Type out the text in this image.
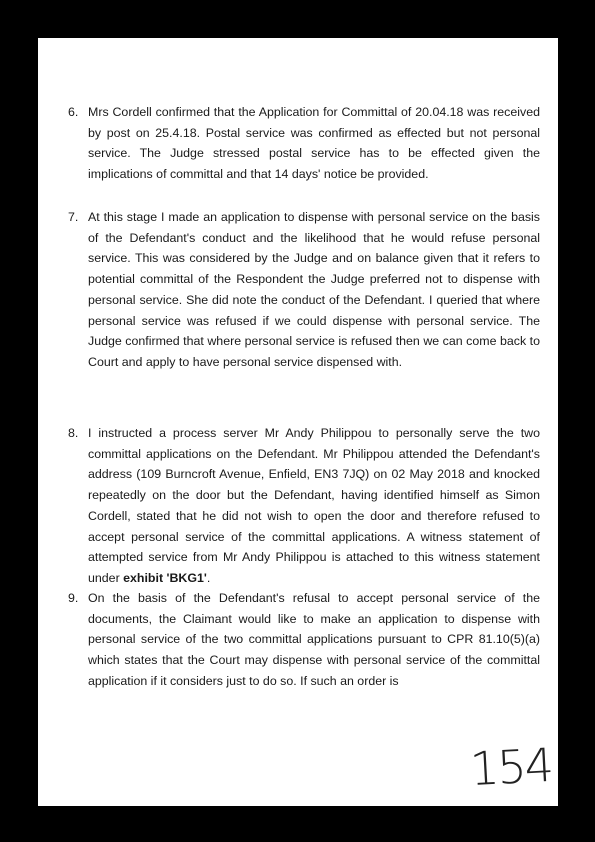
6. Mrs Cordell confirmed that the Application for Committal of 20.04.18 was received by post on 25.4.18. Postal service was confirmed as effected but not personal service. The Judge stressed postal service has to be effected given the implications of committal and that 14 days' notice be provided.
7. At this stage I made an application to dispense with personal service on the basis of the Defendant's conduct and the likelihood that he would refuse personal service. This was considered by the Judge and on balance given that it refers to potential committal of the Respondent the Judge preferred not to dispense with personal service. She did note the conduct of the Defendant. I queried that where personal service was refused if we could dispense with personal service. The Judge confirmed that where personal service is refused then we can come back to Court and apply to have personal service dispensed with.
8. I instructed a process server Mr Andy Philippou to personally serve the two committal applications on the Defendant. Mr Philippou attended the Defendant's address (109 Burncroft Avenue, Enfield, EN3 7JQ) on 02 May 2018 and knocked repeatedly on the door but the Defendant, having identified himself as Simon Cordell, stated that he did not wish to open the door and therefore refused to accept personal service of the committal applications. A witness statement of attempted service from Mr Andy Philippou is attached to this witness statement under exhibit 'BKG1'.
9. On the basis of the Defendant's refusal to accept personal service of the documents, the Claimant would like to make an application to dispense with personal service of the two committal applications pursuant to CPR 81.10(5)(a) which states that the Court may dispense with personal service of the committal application if it considers just to do so. If such an order is
154
